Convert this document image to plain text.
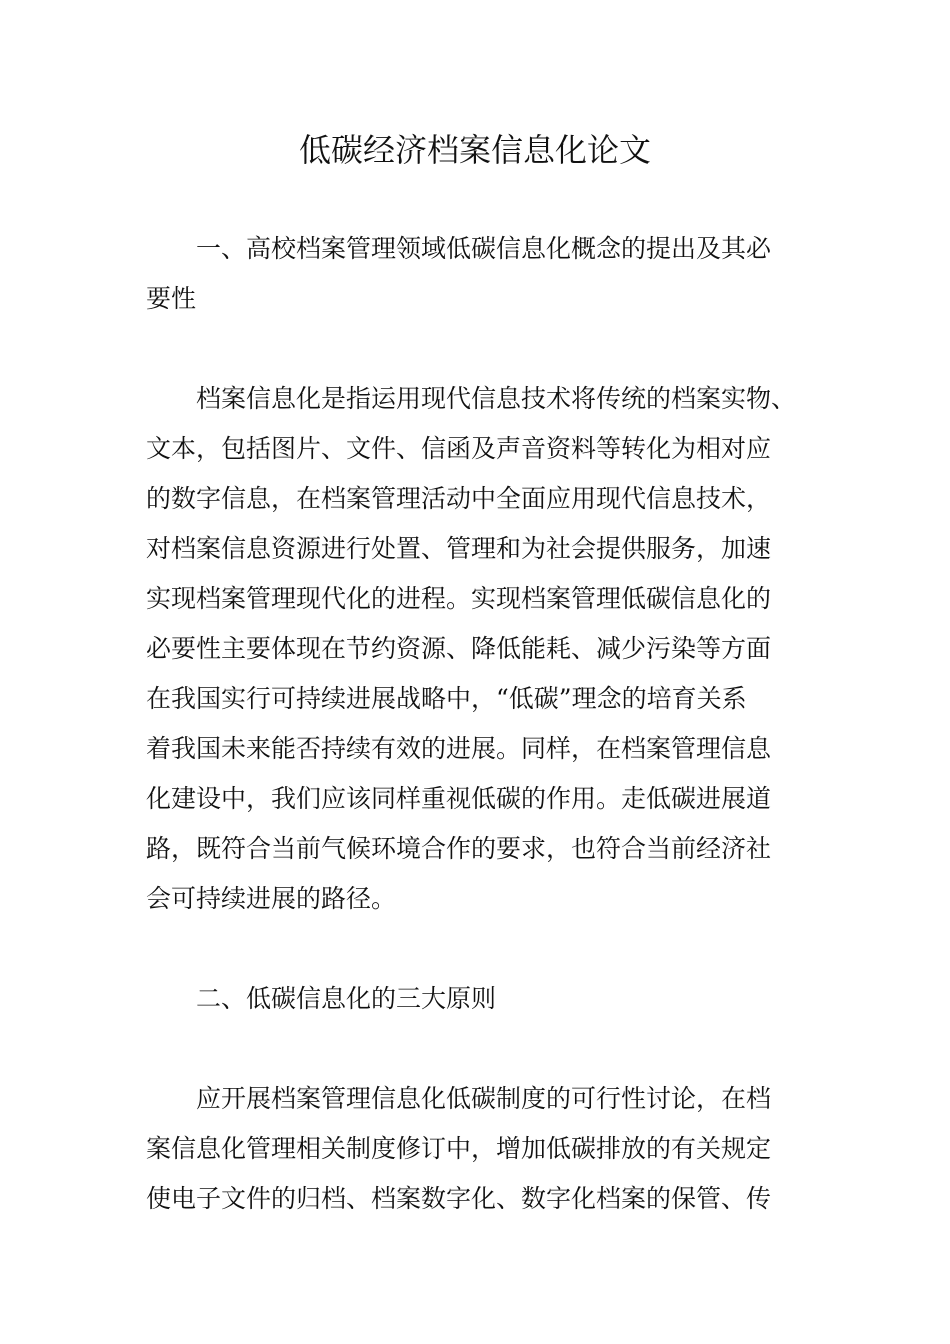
低碳经济档案信息化论文
一、高校档案管理领域低碳信息化概念的提出及其必
要性
档案信息化是指运用现代信息技术将传统的档案实物、
文本，包括图片、文件、信函及声音资料等转化为相对应
的数字信息，在档案管理活动中全面应用现代信息技术，
对档案信息资源进行处置、管理和为社会提供服务，加速
实现档案管理现代化的进程。实现档案管理低碳信息化的
必要性主要体现在节约资源、降低能耗、减少污染等方面
在我国实行可持续进展战略中，“低碳”理念的培育关系
着我国未来能否持续有效的进展。同样，在档案管理信息
化建设中，我们应该同样重视低碳的作用。走低碳进展道
路，既符合当前气候环境合作的要求，也符合当前经济社
会可持续进展的路径。
二、低碳信息化的三大原则
应开展档案管理信息化低碳制度的可行性讨论，在档
案信息化管理相关制度修订中，增加低碳排放的有关规定
使电子文件的归档、档案数字化、数字化档案的保管、传
